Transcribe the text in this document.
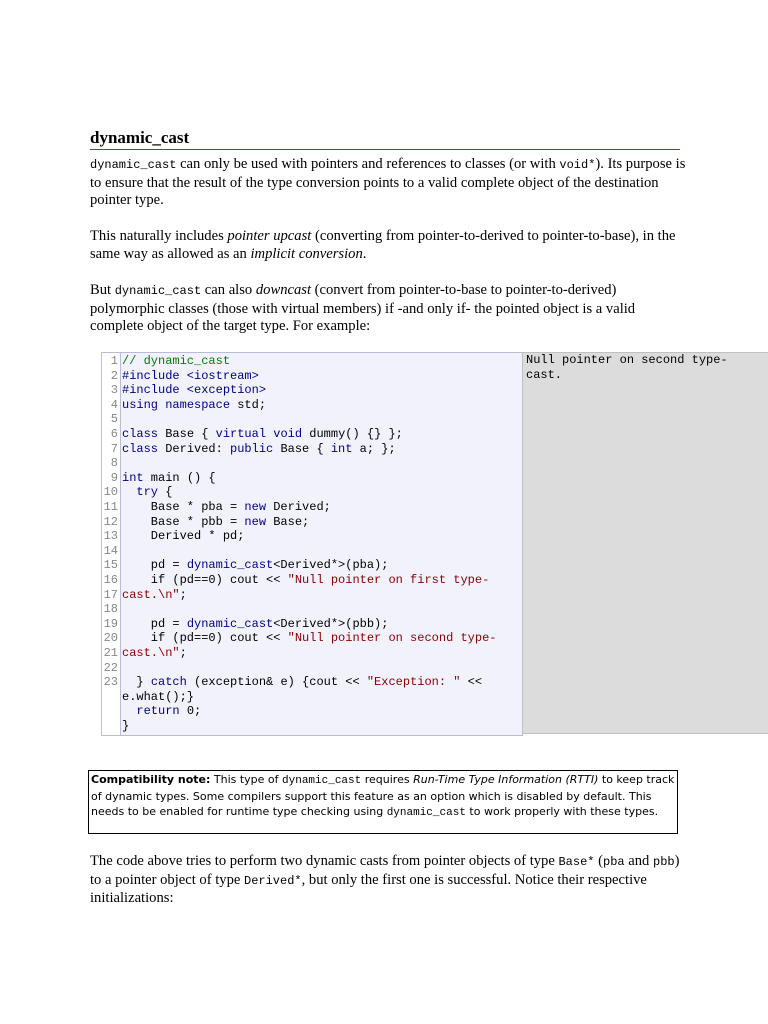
dynamic_cast
dynamic_cast can only be used with pointers and references to classes (or with void*). Its purpose is to ensure that the result of the type conversion points to a valid complete object of the destination pointer type.
This naturally includes pointer upcast (converting from pointer-to-derived to pointer-to-base), in the same way as allowed as an implicit conversion.
But dynamic_cast can also downcast (convert from pointer-to-base to pointer-to-derived) polymorphic classes (those with virtual members) if -and only if- the pointed object is a valid complete object of the target type. For example:
1 // dynamic_cast
2 #include <iostream>
3 #include <exception>
4 using namespace std;
5
6 class Base { virtual void dummy() {} };
7 class Derived: public Base { int a; };
8
9 int main () {
10	try {
11 Base * pba = new Derived;
12 Base * pbb = new Base;
13 Derived * pd;
14
15 pd = dynamic_cast<Derived*>(pba);
16 if (pd==0) cout << "Null pointer on first type-
17 cast.\n";
18
19 pd = dynamic_cast<Derived*>(pbb);
20 if (pd==0) cout << "Null pointer on second type-
21 cast.\n";
22
23 } catch (exception& e) {cout << "Exception: " <<
e.what();}
return 0;
}
Null pointer on second type-
cast.
Compatibility note: This type of dynamic_cast requires Run-Time Type Information (RTTI) to keep track of dynamic types. Some compilers support this feature as an option which is disabled by default. This needs to be enabled for runtime type checking using dynamic_cast to work properly with these types.
The code above tries to perform two dynamic casts from pointer objects of type Base* (pba and pbb) to a pointer object of type Derived*, but only the first one is successful. Notice their respective initializations:
